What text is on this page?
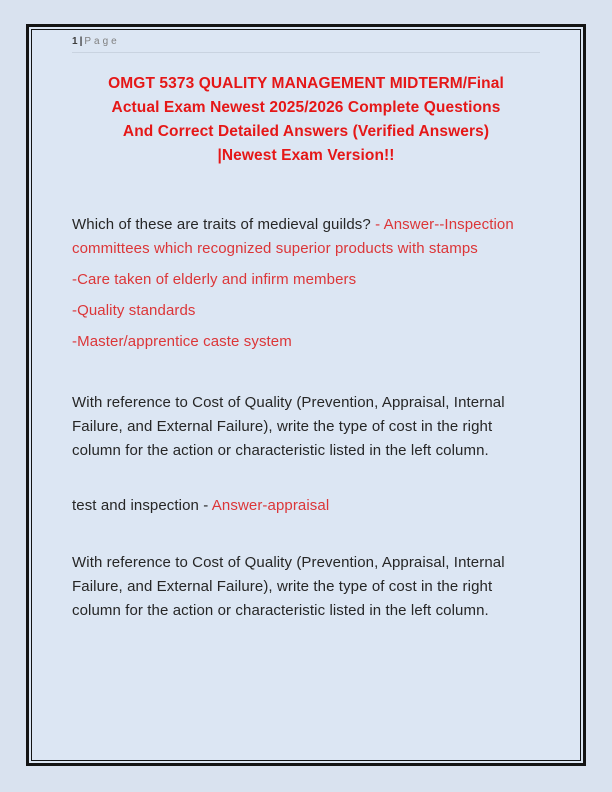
1| Page
OMGT 5373 QUALITY MANAGEMENT MIDTERM/Final
Actual Exam Newest 2025/2026 Complete Questions
And Correct Detailed Answers (Verified Answers)
|Newest Exam Version!!

Which of these are traits of medieval guilds? - Answer--Inspection committees which recognized superior products with stamps

-Care taken of elderly and infirm members

-Quality standards

-Master/apprentice caste system

With reference to Cost of Quality (Prevention, Appraisal, Internal Failure, and External Failure), write the type of cost in the right column for the action or characteristic listed in the left column.

test and inspection - Answer-appraisal

With reference to Cost of Quality (Prevention, Appraisal, Internal Failure, and External Failure), write the type of cost in the right column for the action or characteristic listed in the left column.
